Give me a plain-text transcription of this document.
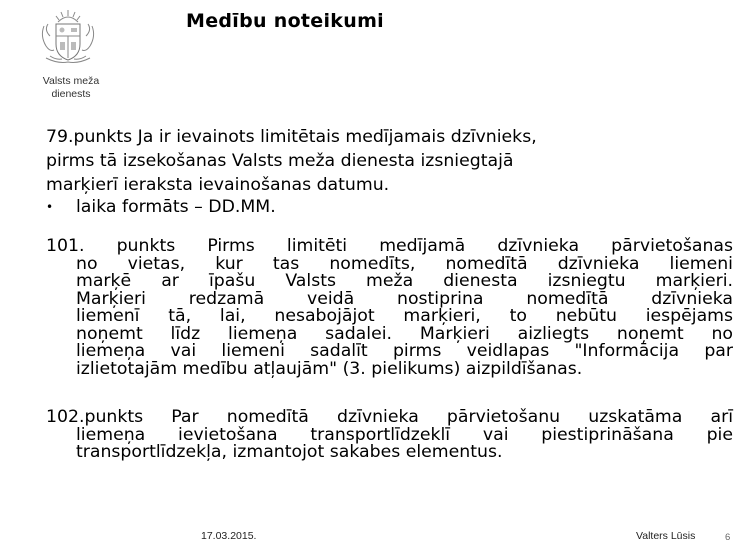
Valsts meža
dienests
Medību noteikumi
79.punkts Ja ir ievainots limitētais medījamais dzīvnieks,
pirms tā izsekošanas Valsts meža dienesta izsniegtajā
marķierī ieraksta ievainošanas datumu.
• laika formāts – DD.MM.
101. punkts Pirms limitēti medījamā dzīvnieka pārvietošanas
no vietas, kur tas nomedīts, nomedītā dzīvnieka liemeni
marķē ar īpašu Valsts meža dienesta izsniegtu marķieri.
Marķieri redzamā veidā nostiprina nomedītā dzīvnieka
liemenī tā, lai, nesabojājot marķieri, to nebūtu iespējams
noņemt līdz liemeņa sadalei. Marķieri aizliegts noņemt no
liemeņa vai liemeni sadalīt pirms veidlapas "Informācija par
izlietotajām medību atļaujām" (3. pielikums) aizpildīšanas.
102.punkts Par nomedītā dzīvnieka pārvietošanu uzskatāma arī
liemeņa ievietošana transportlīdzeklī vai piestiprināšana pie
transportlīdzekļa, izmantojot sakabes elementus.
17.03.2015.	Valters Lūsis	6
